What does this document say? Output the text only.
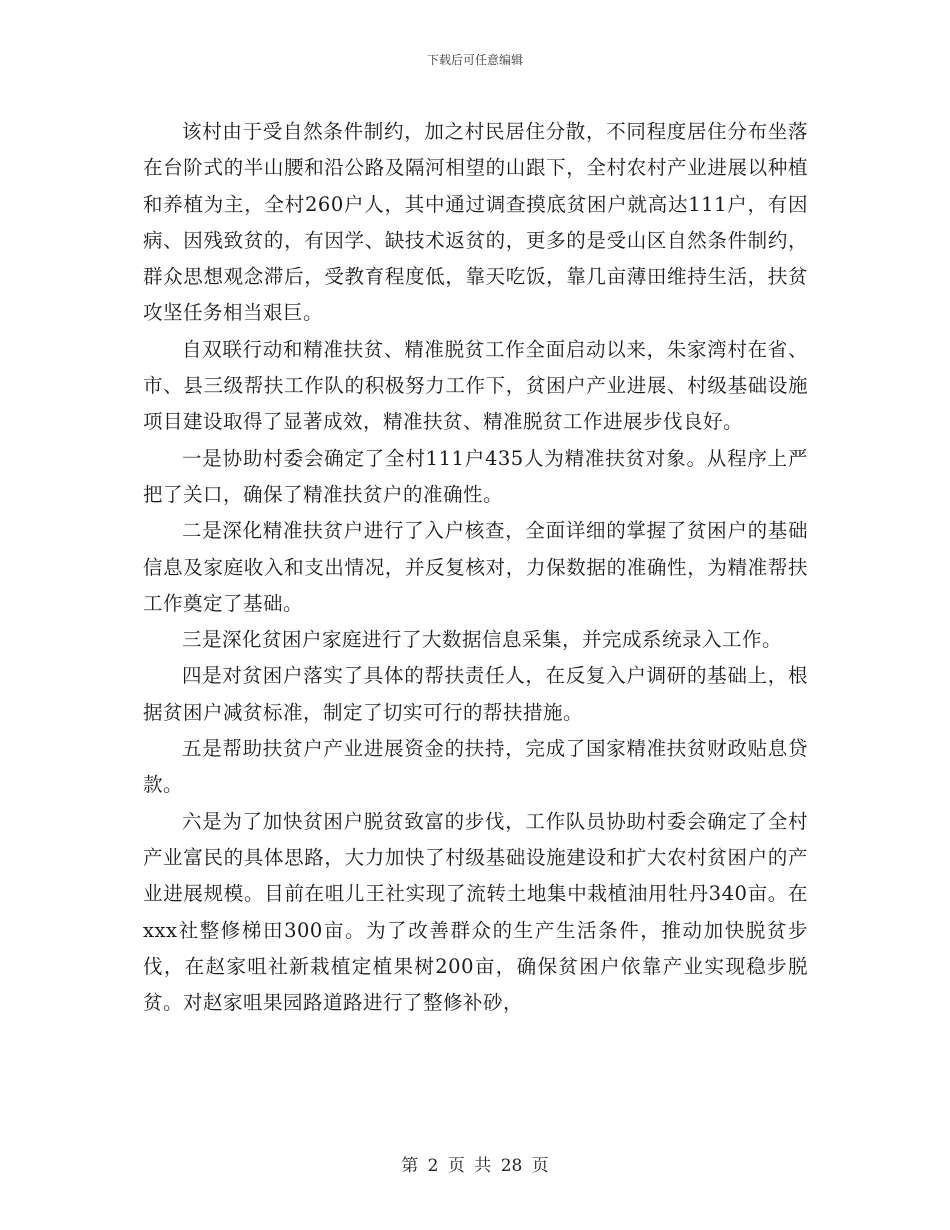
下载后可任意编辑

该村由于受自然条件制约，加之村民居住分散，不同程度居住分布坐落在台阶式的半山腰和沿公路及隔河相望的山跟下，全村农村产业进展以种植和养植为主，全村260户人，其中通过调查摸底贫困户就高达111户，有因病、因残致贫的，有因学、缺技术返贫的，更多的是受山区自然条件制约，群众思想观念滞后，受教育程度低，靠天吃饭，靠几亩薄田维持生活，扶贫攻坚任务相当艰巨。

自双联行动和精准扶贫、精准脱贫工作全面启动以来，朱家湾村在省、市、县三级帮扶工作队的积极努力工作下，贫困户产业进展、村级基础设施项目建设取得了显著成效，精准扶贫、精准脱贫工作进展步伐良好。

一是协助村委会确定了全村111户435人为精准扶贫对象。从程序上严把了关口，确保了精准扶贫户的准确性。

二是深化精准扶贫户进行了入户核查，全面详细的掌握了贫困户的基础信息及家庭收入和支出情况，并反复核对，力保数据的准确性，为精准帮扶工作奠定了基础。

三是深化贫困户家庭进行了大数据信息采集，并完成系统录入工作。

四是对贫困户落实了具体的帮扶责任人，在反复入户调研的基础上，根据贫困户减贫标准，制定了切实可行的帮扶措施。

五是帮助扶贫户产业进展资金的扶持，完成了国家精准扶贫财政贴息贷款。

六是为了加快贫困户脱贫致富的步伐，工作队员协助村委会确定了全村产业富民的具体思路，大力加快了村级基础设施建设和扩大农村贫困户的产业进展规模。目前在咀儿王社实现了流转土地集中栽植油用牡丹340亩。在xxx社整修梯田300亩。为了改善群众的生产生活条件，推动加快脱贫步伐，在赵家咀社新栽植定植果树200亩，确保贫困户依靠产业实现稳步脱贫。对赵家咀果园路道路进行了整修补砂，

第 2 页 共 28 页
